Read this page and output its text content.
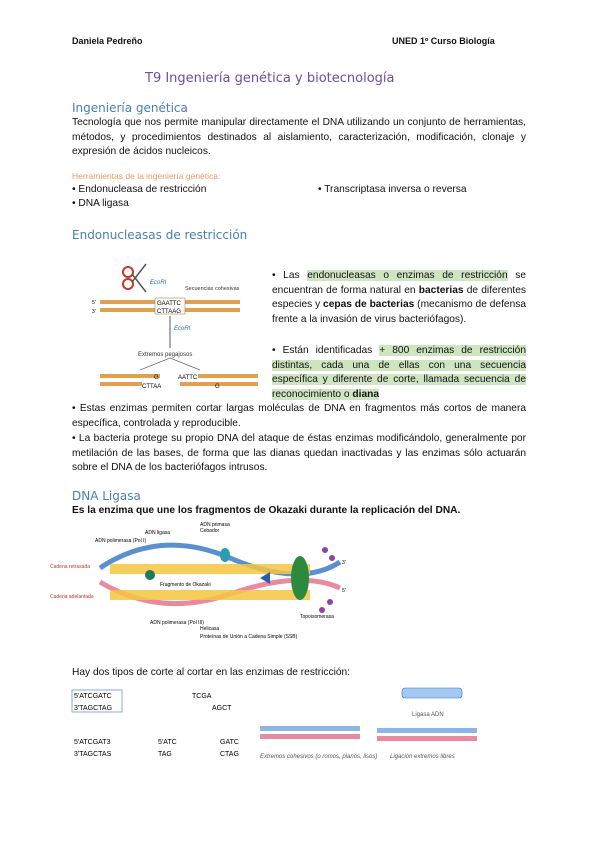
Daniela Pedreño	UNED 1º Curso Biología
T9 Ingeniería genética y biotecnología
Ingeniería genética
Tecnología que nos permite manipular directamente el DNA utilizando un conjunto de herramientas, métodos, y procedimientos destinados al aislamiento, caracterización, modificación, clonaje y expresión de ácidos nucleicos.
Herramientas de la ingeniería genética:
• Endonucleasa de restricción	• Transcriptasa inversa o reversa
• DNA ligasa
Endonucleasas de restricción
EcoRI
Secuencias cohesivas
GAATTC
CTTAAG
5'
3'
EcoRI
Extremos pegajosos
G
CTTAA
AATTC
G
• Las endonucleasas o enzimas de restricción se encuentran de forma natural en bacterias de diferentes especies y cepas de bacterias (mecanismo de defensa frente a la invasión de virus bacteriófagos).
• Están identificadas + 800 enzimas de restricción distintas, cada una de ellas con una secuencia específica y diferente de corte, llamada secuencia de reconocimiento o diana
• Estas enzimas permiten cortar largas moléculas de DNA en fragmentos más cortos de manera específica, controlada y reproducible.
• La bacteria protege su propio DNA del ataque de éstas enzimas modificándolo, generalmente por metilación de las bases, de forma que las dianas quedan inactivadas y las enzimas sólo actuarán sobre el DNA de los bacteriófagos intrusos.
DNA Ligasa
Es la enzima que une los fragmentos de Okazaki durante la replicación del DNA.
ADN primasa
Cebador
ADN ligasa
ADN polimerasa (Pol I)
Fragmento de Okazaki
Cadena retrasada
Cadena adelantada
ADN polimerasa (Pol III)
Helicasa
Proteínas de Unión a Cadena Simple (SSB)
Topoisomerasa
3'
5'
Hay dos tipos de corte al cortar en las enzimas de restricción:
5'ATCGATC
3'TAGCTAG
TCGA
AGCT
5'ATCGAT3
3'TAGCTAS
5'ATC
TAG
GATC
CTAG	Extremos cohesivos (o romos, planos, lisos) Ligación extremos libres
Ligasa ADN
